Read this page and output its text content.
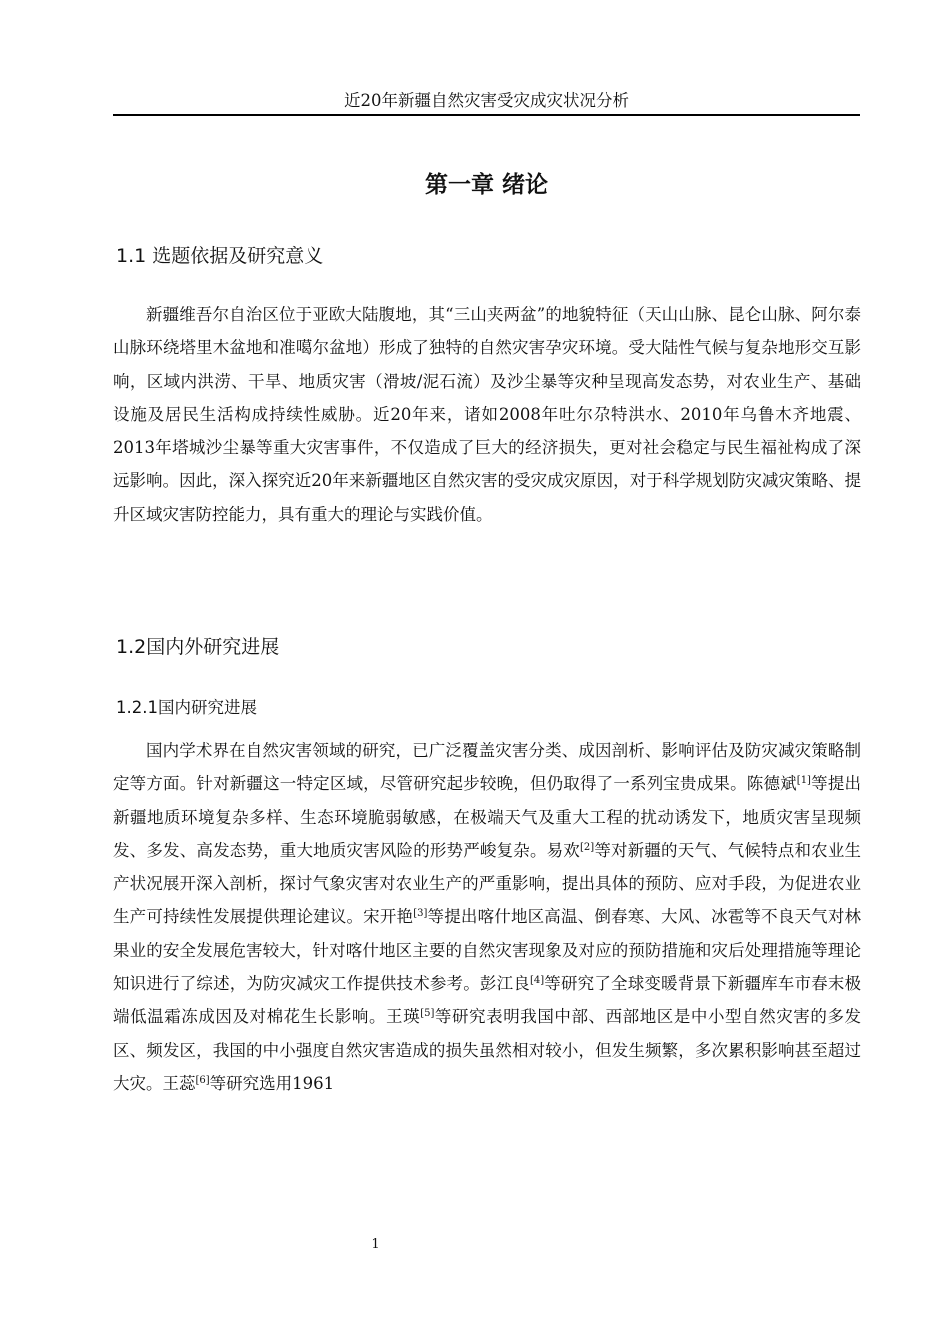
近20年新疆自然灾害受灾成灾状况分析
第一章 绪论
1.1 选题依据及研究意义

新疆维吾尔自治区位于亚欧大陆腹地，其“三山夹两盆”的地貌特征（天山山脉、昆仑山脉、阿尔泰山脉环绕塔里木盆地和准噶尔盆地）形成了独特的自然灾害孕灾环境。受大陆性气候与复杂地形交互影响，区域内洪涝、干旱、地质灾害（滑坡/泥石流）及沙尘暴等灾种呈现高发态势，对农业生产、基础设施及居民生活构成持续性威胁。近20年来，诸如2008年吐尔尕特洪水、2010年乌鲁木齐地震、2013年塔城沙尘暴等重大灾害事件，不仅造成了巨大的经济损失，更对社会稳定与民生福祉构成了深远影响。因此，深入探究近20年来新疆地区自然灾害的受灾成灾原因，对于科学规划防灾减灾策略、提升区域灾害防控能力，具有重大的理论与实践价值。

1.2国内外研究进展
1.2.1国内研究进展

国内学术界在自然灾害领域的研究，已广泛覆盖灾害分类、成因剖析、影响评估及防灾减灾策略制定等方面。针对新疆这一特定区域，尽管研究起步较晚，但仍取得了一系列宝贵成果。陈德斌[1]等提出新疆地质环境复杂多样、生态环境脆弱敏感，在极端天气及重大工程的扰动诱发下，地质灾害呈现频发、多发、高发态势，重大地质灾害风险的形势严峻复杂。易欢[2]等对新疆的天气、气候特点和农业生产状况展开深入剖析，探讨气象灾害对农业生产的严重影响，提出具体的预防、应对手段，为促进农业生产可持续性发展提供理论建议。宋开艳[3]等提出喀什地区高温、倒春寒、大风、冰雹等不良天气对林果业的安全发展危害较大，针对喀什地区主要的自然灾害现象及对应的预防措施和灾后处理措施等理论知识进行了综述，为防灾减灾工作提供技术参考。彭江良[4]等研究了全球变暖背景下新疆库车市春末极端低温霜冻成因及对棉花生长影响。王瑛[5]等研究表明我国中部、西部地区是中小型自然灾害的多发区、频发区，我国的中小强度自然灾害造成的损失虽然相对较小，但发生频繁，多次累积影响甚至超过大灾。王蕊[6]等研究选用1961

1
